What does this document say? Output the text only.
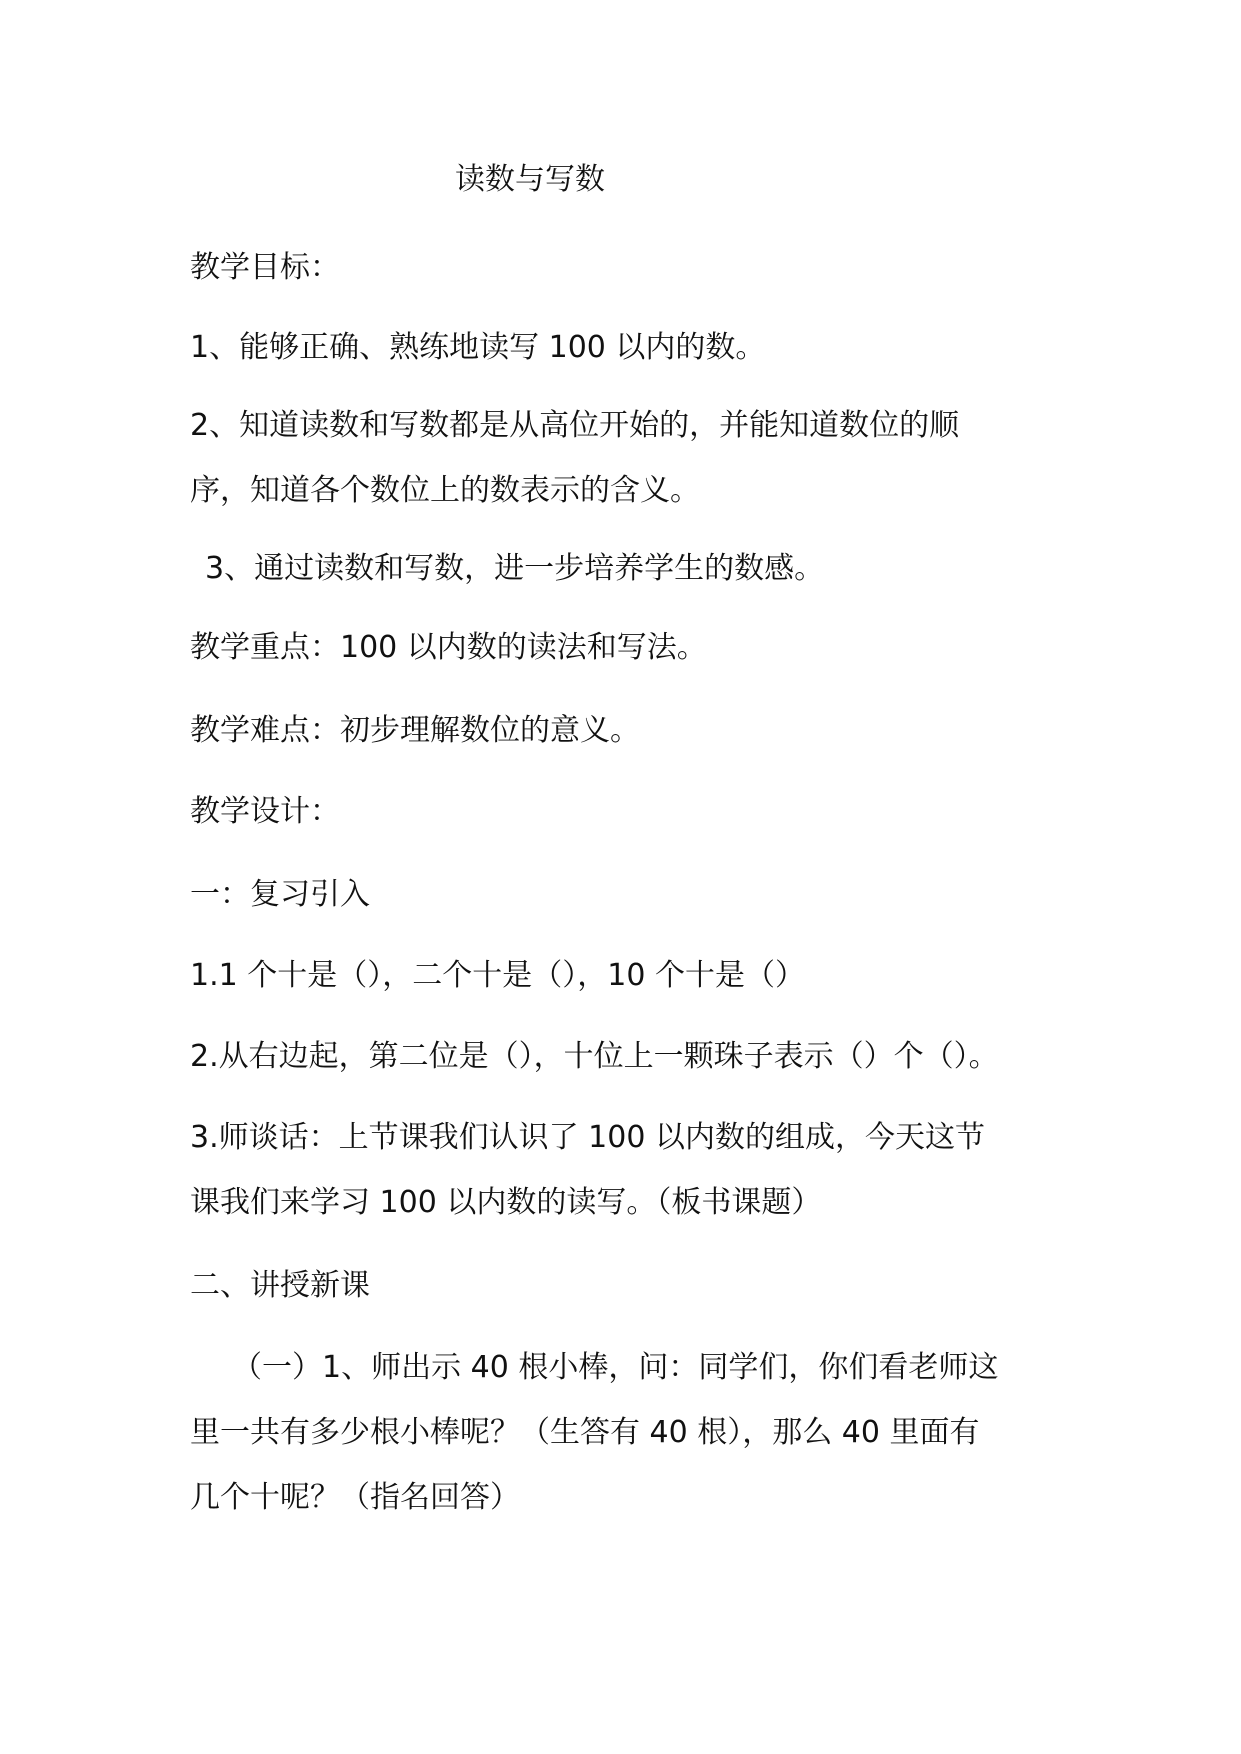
读数与写数
教学目标：
1、能够正确、熟练地读写 100 以内的数。
2、知道读数和写数都是从高位开始的，并能知道数位的顺
序，知道各个数位上的数表示的含义。
3、通过读数和写数，进一步培养学生的数感。
教学重点：100 以内数的读法和写法。
教学难点：初步理解数位的意义。
教学设计：
一：复习引入
1.1 个十是（），二个十是（），10 个十是（）
2.从右边起，第二位是（），十位上一颗珠子表示（）个（）。
3.师谈话：上节课我们认识了 100 以内数的组成，今天这节
课我们来学习 100 以内数的读写。（板书课题）
二、讲授新课
（一）1、师出示 40 根小棒，问：同学们，你们看老师这
里一共有多少根小棒呢？（生答有 40 根），那么 40 里面有
几个十呢？（指名回答）
